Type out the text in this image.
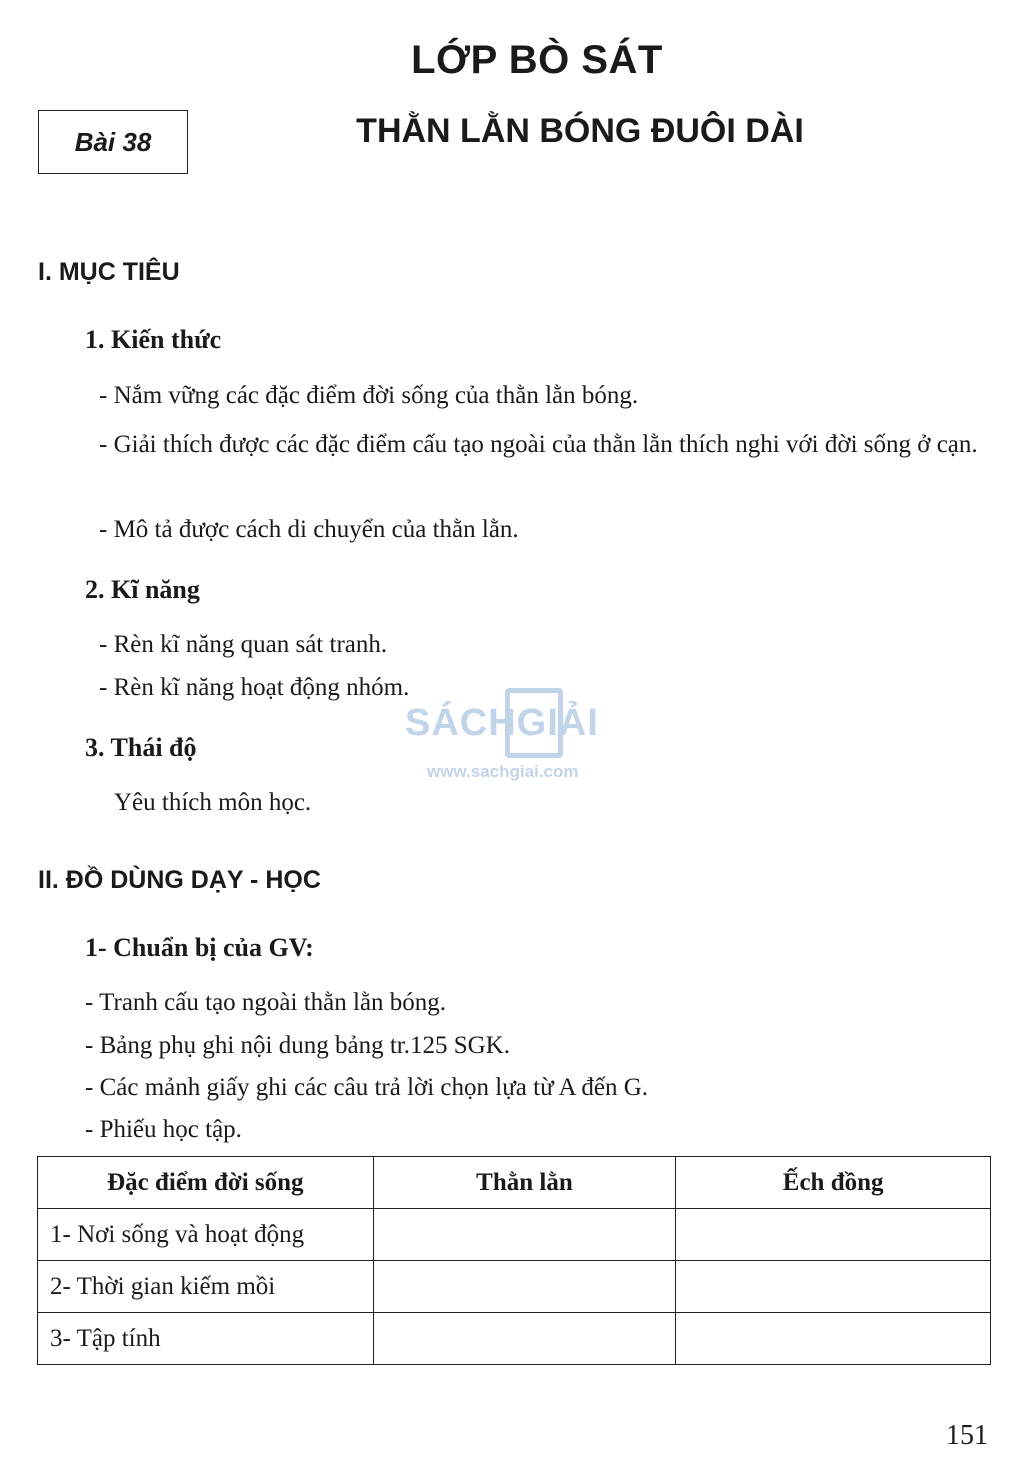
LỚP BÒ SÁT
Bài 38	THẰN LẰN BÓNG ĐUÔI DÀI
I. MỤC TIÊU
1. Kiến thức
- Nắm vững các đặc điểm đời sống của thằn lằn bóng.
- Giải thích được các đặc điểm cấu tạo ngoài của thằn lằn thích nghi với đời sống ở cạn.
- Mô tả được cách di chuyển của thằn lằn.
2. Kĩ năng
- Rèn kĩ năng quan sát tranh.
- Rèn kĩ năng hoạt động nhóm.
SÁCHGIẢI
www.sachgiai.com
3. Thái độ
Yêu thích môn học.
II. ĐỒ DÙNG DẠY - HỌC
1- Chuẩn bị của GV:
- Tranh cấu tạo ngoài thằn lằn bóng.
- Bảng phụ ghi nội dung bảng tr.125 SGK.
- Các mảnh giấy ghi các câu trả lời chọn lựa từ A đến G.
- Phiếu học tập.
Đặc điểm đời sống	Thằn lằn	Ếch đồng
1- Nơi sống và hoạt động		
2- Thời gian kiếm mồi		
3- Tập tính		
151
